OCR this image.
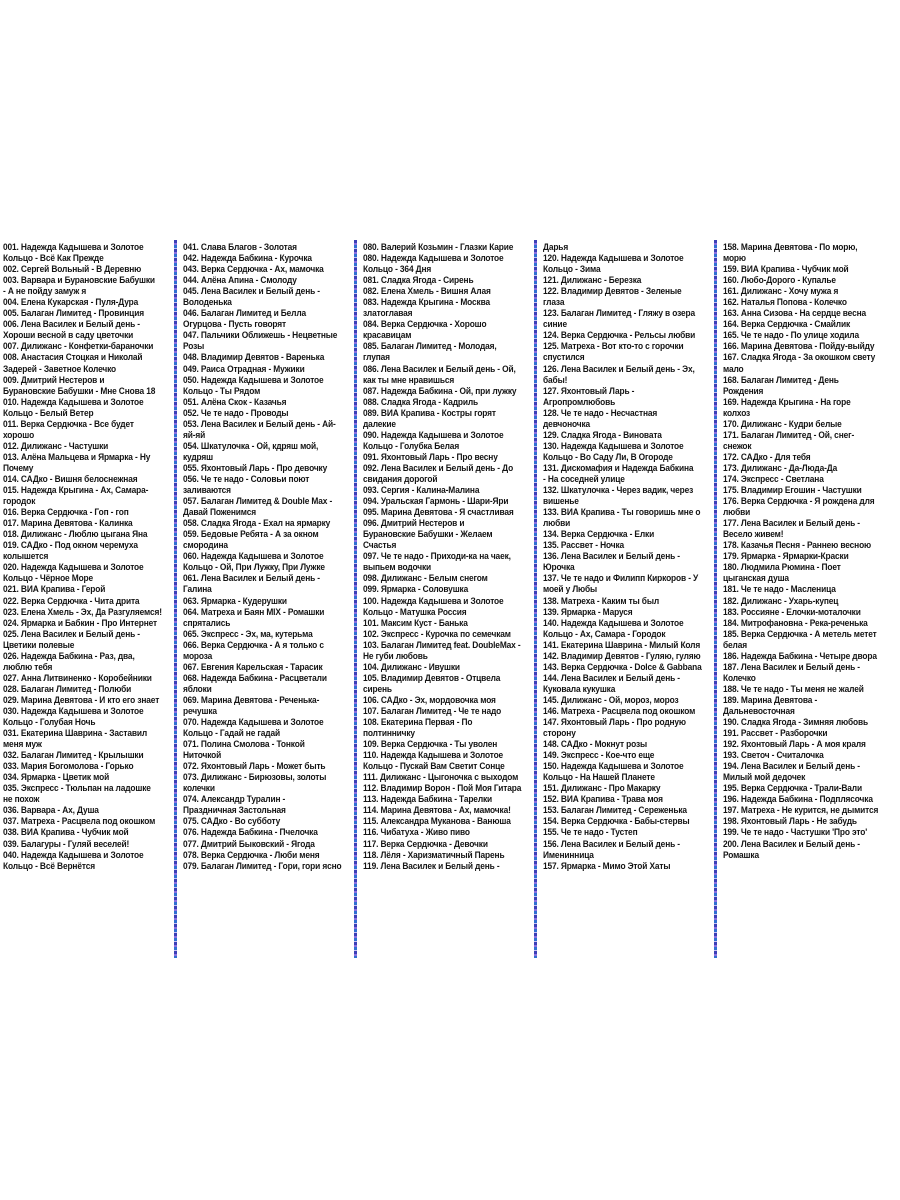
001. Надежда Кадышева и Золотое
Кольцо - Всё Как Прежде
002. Сергей Вольный - В Деревню
003. Варвара и Бурановские Бабушки
- А не пойду замуж я
004. Елена Кукарская - Пуля-Дура
005. Балаган Лимитед - Провинция
006. Лена Василек и Белый день -
Хороши весной в саду цветочки
007. Дилижанс - Конфетки-бараночки
008. Анастасия Стоцкая и Николай
Задерей - Заветное Колечко
009. Дмитрий Нестеров и
Бурановские Бабушки - Мне Снова 18
010. Надежда Кадышева и Золотое
Кольцо - Белый Ветер
011. Верка Сердючка - Все будет
хорошо
012. Дилижанс - Частушки
013. Алёна Мальцева и Ярмарка - Ну
Почему
014. САДко - Вишня белоснежная
015. Надежда Крыгина - Ах, Самара-
городок
016. Верка Сердючка - Гоп - гоп
017. Марина Девятова - Калинка
018. Дилижанс - Люблю цыгана Яна
019. САДко - Под окном черемуха
колышется
020. Надежда Кадышева и Золотое
Кольцо - Чёрное Море
021. ВИА Крапива - Герой
022. Верка Сердючка - Чита дрита
023. Елена Хмель - Эх, Да Разгуляемся!
024. Ярмарка и Бабкин - Про Интернет
025. Лена Василек и Белый день -
Цветики полевые
026. Надежда Бабкина - Раз, два,
люблю тебя
027. Анна Литвиненко - Коробейники
028. Балаган Лимитед - Полюби
029. Марина Девятова - И кто его знает
030. Надежда Кадышева и Золотое
Кольцо - Голубая Ночь
031. Екатерина Шаврина - Заставил
меня муж
032. Балаган Лимитед - Крылышки
033. Мария Богомолова - Горько
034. Ярмарка - Цветик мой
035. Экспресс - Тюльпан на ладошке
не похож
036. Варвара - Ах, Душа
037. Матреха - Расцвела под окошком
038. ВИА Крапива - Чубчик мой
039. Балагуры - Гуляй веселей!
040. Надежда Кадышева и Золотое
Кольцо - Всё Вернётся
041. Слава Благов - Золотая
042. Надежда Бабкина - Курочка
043. Верка Сердючка - Ах, мамочка
044. Алёна Апина - Смолоду
045. Лена Василек и Белый день -
Володенька
046. Балаган Лимитед и Белла
Огурцова - Пусть говорят
047. Пальчики Оближешь - Нецветные
Розы
048. Владимир Девятов - Варенька
049. Раиса Отрадная - Мужики
050. Надежда Кадышева и Золотое
Кольцо - Ты Рядом
051. Алёна Скок - Казачья
052. Че те надо - Проводы
053. Лена Василек и Белый день - Ай-
яй-яй
054. Шкатулочка - Ой, кдряш мой,
кудряш
055. Яхонтовый Ларь - Про девочку
056. Че те надо - Соловьи поют
заливаются
057. Балаган Лимитед & Double Max -
Давай Поженимся
058. Сладка Ягода - Ехал на ярмарку
059. Бедовые Ребята - А за окном
смородина
060. Надежда Кадышева и Золотое
Кольцо - Ой, При Лужку, При Лужке
061. Лена Василек и Белый день -
Галина
063. Ярмарка - Кудерушки
064. Матреха и Баян MIX - Ромашки
спрятались
065. Экспресс - Эх, ма, кутерьма
066. Верка Сердючка - А я только с
мороза
067. Евгения Карельская - Тарасик
068. Надежда Бабкина - Расцветали
яблоки
069. Марина Девятова - Реченька-
речушка
070. Надежда Кадышева и Золотое
Кольцо - Гадай не гадай
071. Полина Смолова - Тонкой
Ниточкой
072. Яхонтовый Ларь - Может быть
073. Дилижанс - Бирюзовы, золоты
колечки
074. Александр Туралин -
Праздничная Застольная
075. САДко - Во субботу
076. Надежда Бабкина - Пчелочка
077. Дмитрий Быковский - Ягода
078. Верка Сердючка - Люби меня
079. Балаган Лимитед - Гори, гори ясно
080. Валерий Козьмин - Глазки Карие
080. Надежда Кадышева и Золотое
Кольцо - 364 Дня
081. Сладка Ягода - Сирень
082. Елена Хмель - Вишня Алая
083. Надежда Крыгина - Москва
златоглавая
084. Верка Сердючка - Хорошо
красавицам
085. Балаган Лимитед - Молодая,
глупая
086. Лена Василек и Белый день - Ой,
как ты мне нравишься
087. Надежда Бабкина - Ой, при лужку
088. Сладка Ягода - Кадриль
089. ВИА Крапива - Костры горят
далекие
090. Надежда Кадышева и Золотое
Кольцо - Голубка Белая
091. Яхонтовый Ларь - Про весну
092. Лена Василек и Белый день - До
свидания дорогой
093. Сергия - Калина-Малина
094. Уральская Гармонь - Шари-Яри
095. Марина Девятова - Я счастливая
096. Дмитрий Нестеров и
Бурановские Бабушки - Желаем
Счастья
097. Че те надо - Приходи-ка на чаек,
выпьем водочки
098. Дилижанс - Белым снегом
099. Ярмарка - Соловушка
100. Надежда Кадышева и Золотое
Кольцо - Матушка Россия
101. Максим Куст - Банька
102. Экспресс - Курочка по семечкам
103. Балаган Лимитед feat. DoubleMax -
Не губи любовь
104. Дилижанс - Ивушки
105. Владимир Девятов - Отцвела
сирень
106. САДко - Эх, мордовочка моя
107. Балаган Лимитед - Че те надо
108. Екатерина Первая - По
полтинничку
109. Верка Сердючка - Ты уволен
110. Надежда Кадышева и Золотое
Кольцо - Пускай Вам Светит Сонце
111. Дилижанс - Цыгоночка с выходом
112. Владимир Ворон - Пой Моя Гитара
113. Надежда Бабкина - Тарелки
114. Марина Девятова - Ах, мамочка!
115. Александра Муканова - Ванюша
116. Чибатуха - Живо пиво
117. Верка Сердючка - Девочки
118. Лёля - Харизматичный Парень
119. Лена Василек и Белый день -
Дарья
120. Надежда Кадышева и Золотое
Кольцо - Зима
121. Дилижанс - Березка
122. Владимир Девятов - Зеленые
глаза
123. Балаган Лимитед - Гляжу в озера
синие
124. Верка Сердючка - Рельсы любви
125. Матреха - Вот кто-то с горочки
спустился
126. Лена Василек и Белый день - Эх,
бабы!
127. Яхонтовый Ларь -
Агропромлюбовь
128. Че те надо - Несчастная
девчоночка
129. Сладка Ягода - Виновата
130. Надежда Кадышева и Золотое
Кольцо - Во Саду Ли, В Огороде
131. Дискомафия и Надежда Бабкина
- На соседней улице
132. Шкатулочка - Через вадик, через
вишенье
133. ВИА Крапива - Ты говоришь мне о
любви
134. Верка Сердючка - Елки
135. Рассвет - Ночка
136. Лена Василек и Белый день -
Юрочка
137. Че те надо и Филипп Киркоров - У
моей у Любы
138. Матреха - Каким ты был
139. Ярмарка - Маруся
140. Надежда Кадышева и Золотое
Кольцо - Ах, Самара - Городок
141. Екатерина Шаврина - Милый Коля
142. Владимир Девятов - Гуляю, гуляю
143. Верка Сердючка - Dolce & Gabbana
144. Лена Василек и Белый день -
Куковала кукушка
145. Дилижанс - Ой, мороз, мороз
146. Матреха - Расцвела под окошком
147. Яхонтовый Ларь - Про родную
сторону
148. САДко - Мокнут розы
149. Экспресс - Кое-что еще
150. Надежда Кадышева и Золотое
Кольцо - На Нашей Планете
151. Дилижанс - Про Макарку
152. ВИА Крапива - Трава моя
153. Балаган Лимитед - Сереженька
154. Верка Сердючка - Бабы-стервы
155. Че те надо - Тустеп
156. Лена Василек и Белый день -
Именинница
157. Ярмарка - Мимо Этой Хаты
158. Марина Девятова - По морю,
морю
159. ВИА Крапива - Чубчик мой
160. Любо-Дорого - Купалье
161. Дилижанс - Хочу мужа я
162. Наталья Попова - Колечко
163. Анна Сизова - На сердце весна
164. Верка Сердючка - Смайлик
165. Че те надо - По улице ходила
166. Марина Девятова - Пойду-выйду
167. Сладка Ягода - За окошком свету
мало
168. Балаган Лимитед - День
Рождения
169. Надежда Крыгина - На горе
колхоз
170. Дилижанс - Кудри белые
171. Балаган Лимитед - Ой, снег-
снежок
172. САДко - Для тебя
173. Дилижанс - Да-Люда-Да
174. Экспресс - Светлана
175. Владимир Егошин - Частушки
176. Верка Сердючка - Я рождена для
любви
177. Лена Василек и Белый день -
Весело живем!
178. Казачья Песня - Раннею весною
179. Ярмарка - Ярмарки-Краски
180. Людмила Рюмина - Поет
цыганская душа
181. Че те надо - Масленица
182. Дилижанс - Ухарь-купец
183. Россияне - Елочки-моталочки
184. Митрофановна - Река-реченька
185. Верка Сердючка - А метель метет
белая
186. Надежда Бабкина - Четыре двора
187. Лена Василек и Белый день -
Колечко
188. Че те надо - Ты меня не жалей
189. Марина Девятова -
Дальневосточная
190. Сладка Ягода - Зимняя любовь
191. Рассвет - Разборочки
192. Яхонтовый Ларь - А моя краля
193. Светоч - Считалочка
194. Лена Василек и Белый день -
Милый мой дедочек
195. Верка Сердючка - Трали-Вали
196. Надежда Бабкина - Подплясочка
197. Матреха - Не курится, не дымится
198. Яхонтовый Ларь - Не забудь
199. Че те надо - Частушки 'Про это'
200. Лена Василек и Белый день -
Ромашка
